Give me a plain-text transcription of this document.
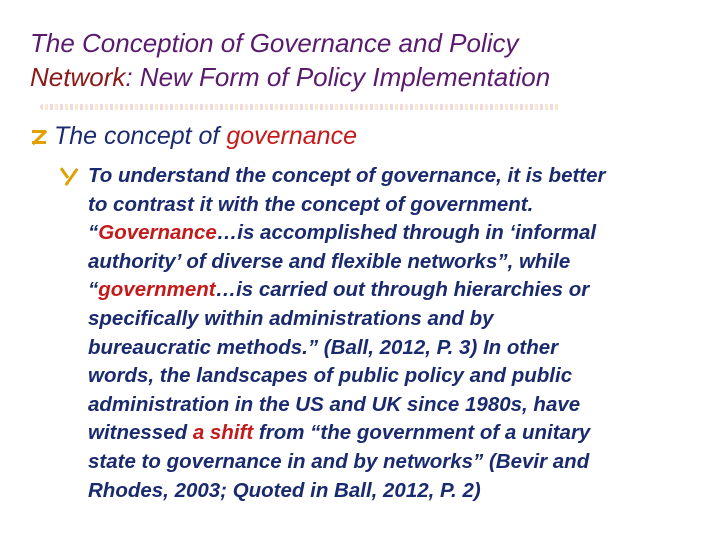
The Conception of Governance and Policy
Network: New Form of Policy Implementation
The concept of governance

To understand the concept of governance, it is better
to contrast it with the concept of government.
“Governance…is accomplished through in ‘informal
authority’ of diverse and flexible networks”, while
“government…is carried out through hierarchies or
specifically within administrations and by
bureaucratic methods.” (Ball, 2012, P. 3) In other
words, the landscapes of public policy and public
administration in the US and UK since 1980s, have
witnessed a shift from “the government of a unitary
state to governance in and by networks” (Bevir and
Rhodes, 2003; Quoted in Ball, 2012, P. 2)
